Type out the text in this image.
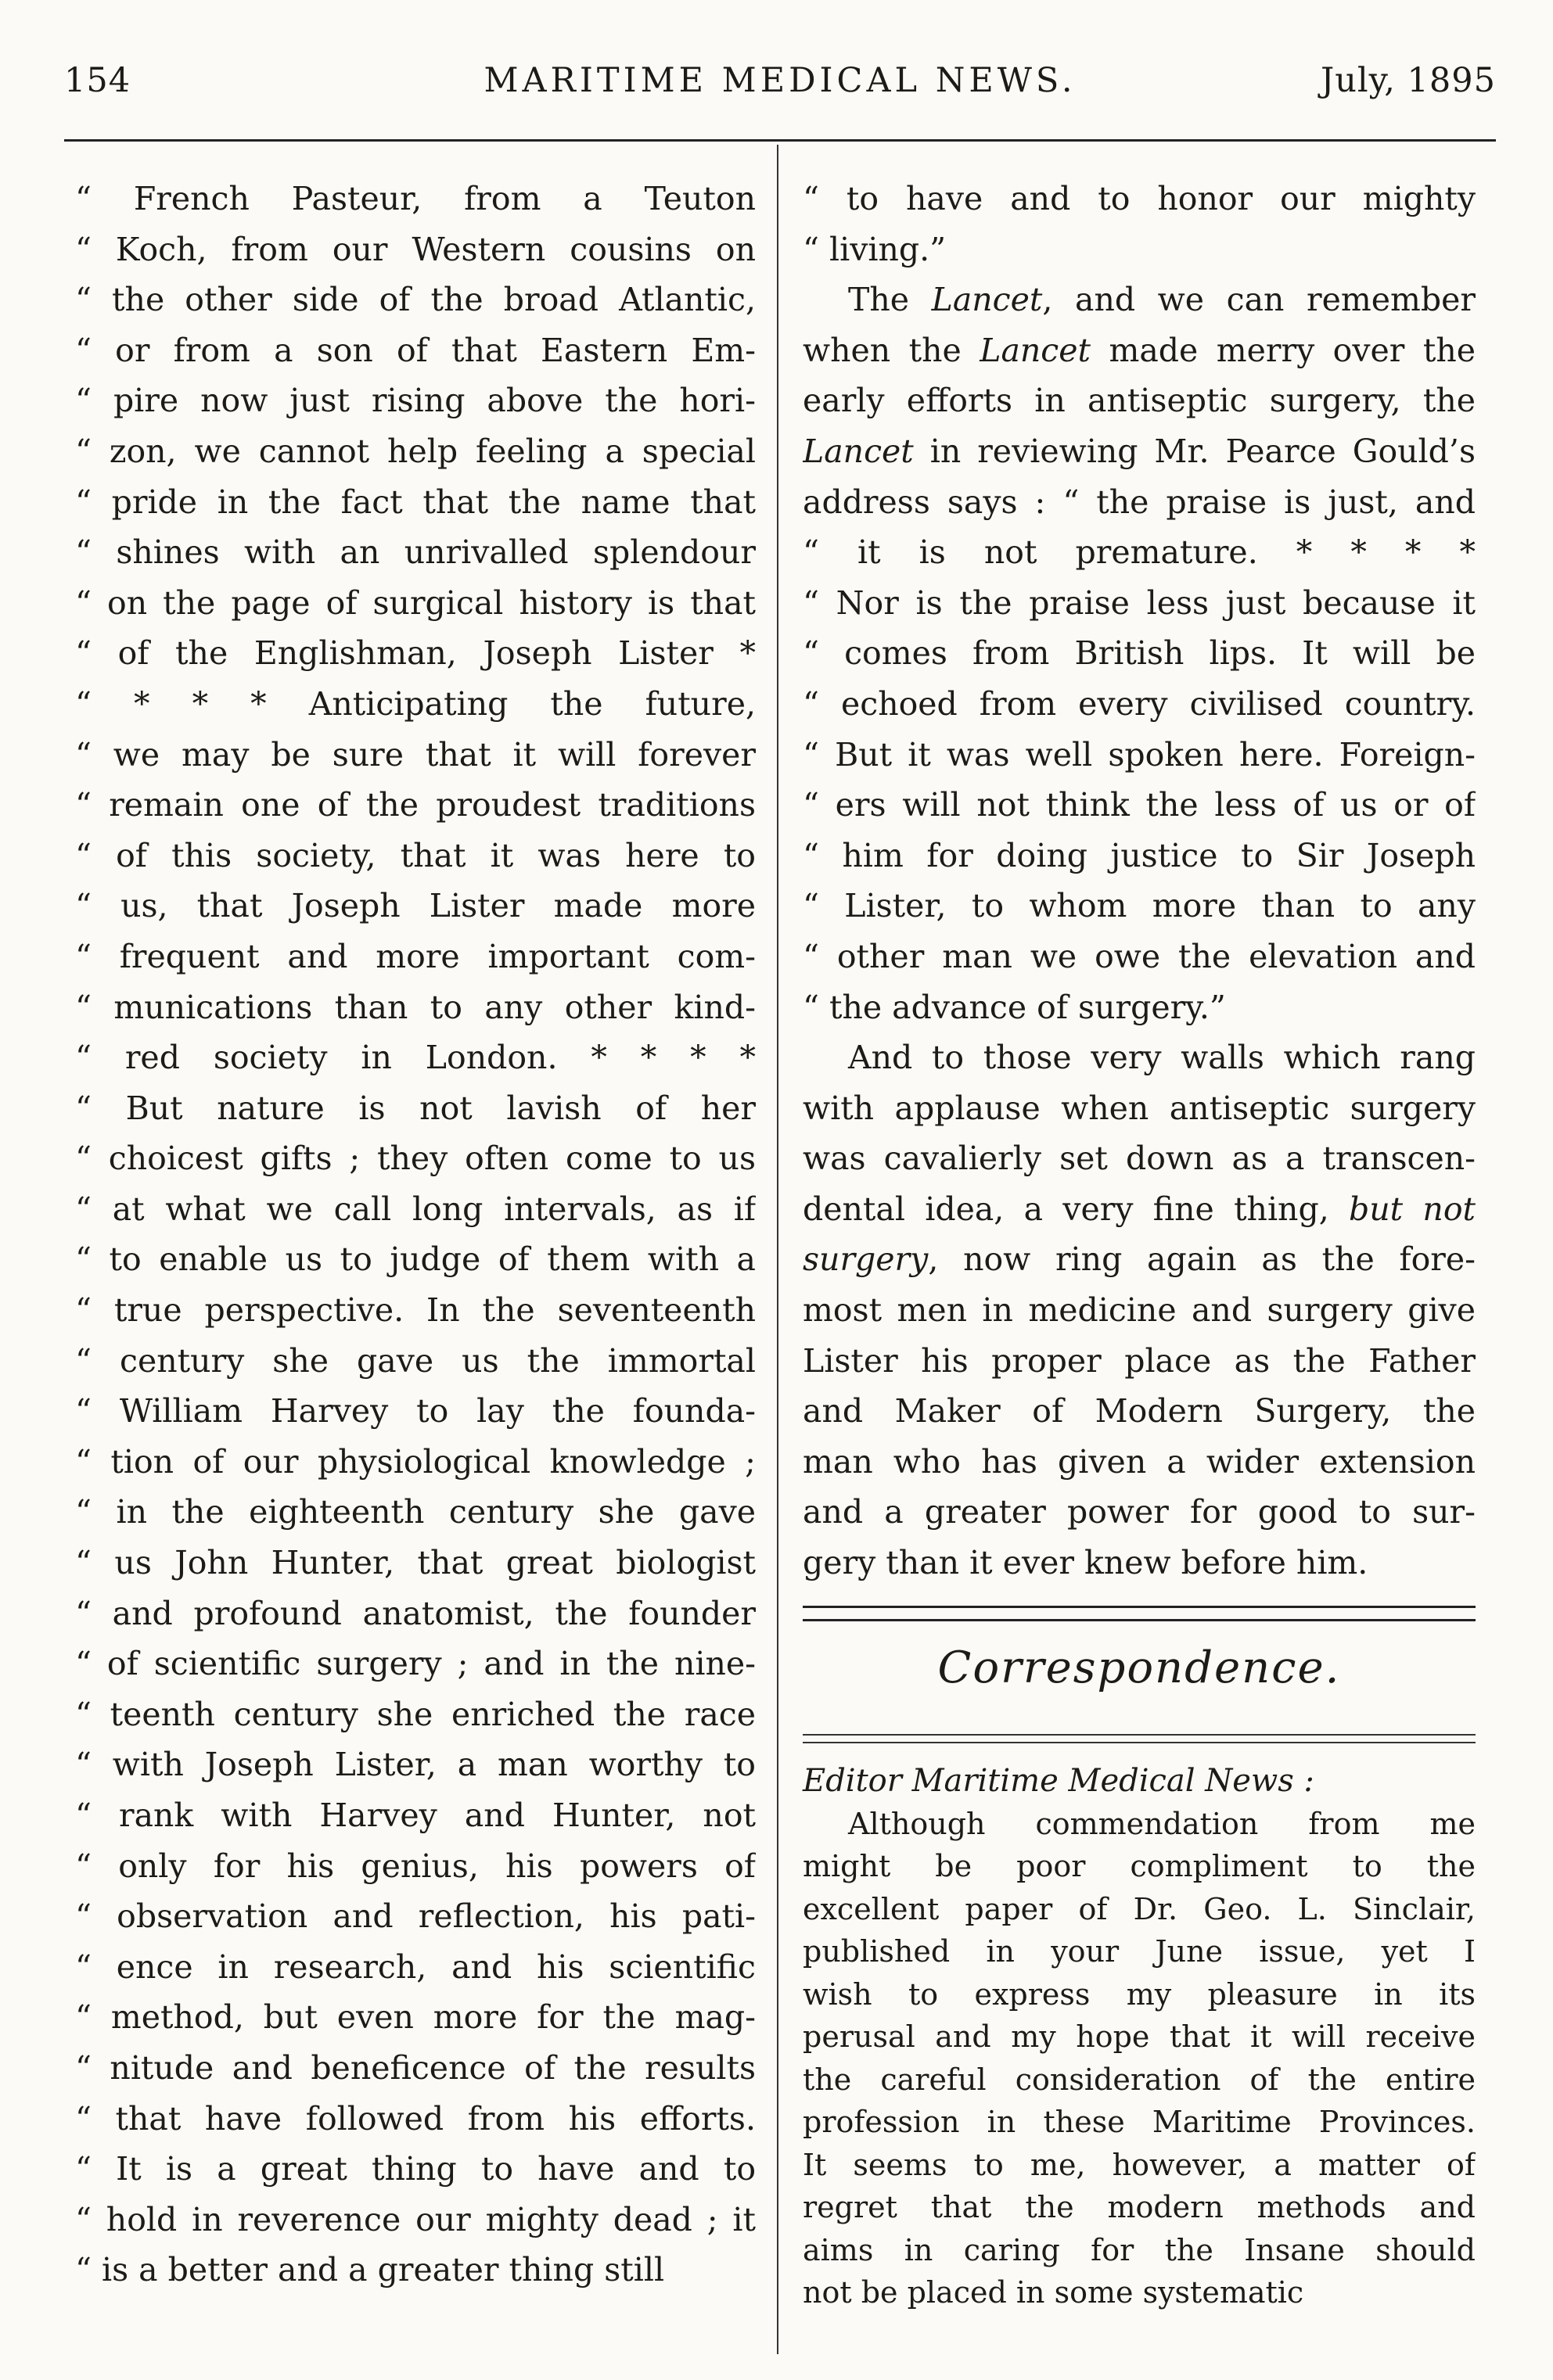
154	MARITIME MEDICAL NEWS.	July, 1895
“ French Pasteur, from a Teuton
“ Koch, from our Western cousins on
“ the other side of the broad Atlantic,
“ or from a son of that Eastern Em-
“ pire now just rising above the hori-
“ zon, we cannot help feeling a special
“ pride in the fact that the name that
“ shines with an unrivalled splendour
“ on the page of surgical history is that
“ of the Englishman, Joseph Lister *
“ * * * Anticipating the future,
“ we may be sure that it will forever
“ remain one of the proudest traditions
“ of this society, that it was here to
“ us, that Joseph Lister made more
“ frequent and more important com-
“ munications than to any other kind-
“ red society in London. * * * *
“ But nature is not lavish of her
“ choicest gifts ; they often come to us
“ at what we call long intervals, as if
“ to enable us to judge of them with a
“ true perspective. In the seventeenth
“ century she gave us the immortal
“ William Harvey to lay the founda-
“ tion of our physiological knowledge ;
“ in the eighteenth century she gave
“ us John Hunter, that great biologist
“ and profound anatomist, the founder
“ of scientific surgery ; and in the nine-
“ teenth century she enriched the race
“ with Joseph Lister, a man worthy to
“ rank with Harvey and Hunter, not
“ only for his genius, his powers of
“ observation and reflection, his pati-
“ ence in research, and his scientific
“ method, but even more for the mag-
“ nitude and beneficence of the results
“ that have followed from his efforts.
“ It is a great thing to have and to
“ hold in reverence our mighty dead ; it
“ is a better and a greater thing still
“ to have and to honor our mighty
“ living.”
The Lancet, and we can remember
when the Lancet made merry over the
early efforts in antiseptic surgery, the
Lancet in reviewing Mr. Pearce Gould’s
address says : “ the praise is just, and
“ it is not premature. * * * *
“ Nor is the praise less just because it
“ comes from British lips. It will be
“ echoed from every civilised country.
“ But it was well spoken here. Foreign-
“ ers will not think the less of us or of
“ him for doing justice to Sir Joseph
“ Lister, to whom more than to any
“ other man we owe the elevation and
“ the advance of surgery.”
And to those very walls which rang
with applause when antiseptic surgery
was cavalierly set down as a transcen-
dental idea, a very fine thing, but not
surgery, now ring again as the fore-
most men in medicine and surgery give
Lister his proper place as the Father
and Maker of Modern Surgery, the
man who has given a wider extension
and a greater power for good to sur-
gery than it ever knew before him.
Correspondence.
Editor Maritime Medical News :
Although commendation from me
might be poor compliment to the
excellent paper of Dr. Geo. L. Sinclair,
published in your June issue, yet I
wish to express my pleasure in its
perusal and my hope that it will receive
the careful consideration of the entire
profession in these Maritime Provinces.
It seems to me, however, a matter of
regret that the modern methods and
aims in caring for the Insane should
not be placed in some systematic
